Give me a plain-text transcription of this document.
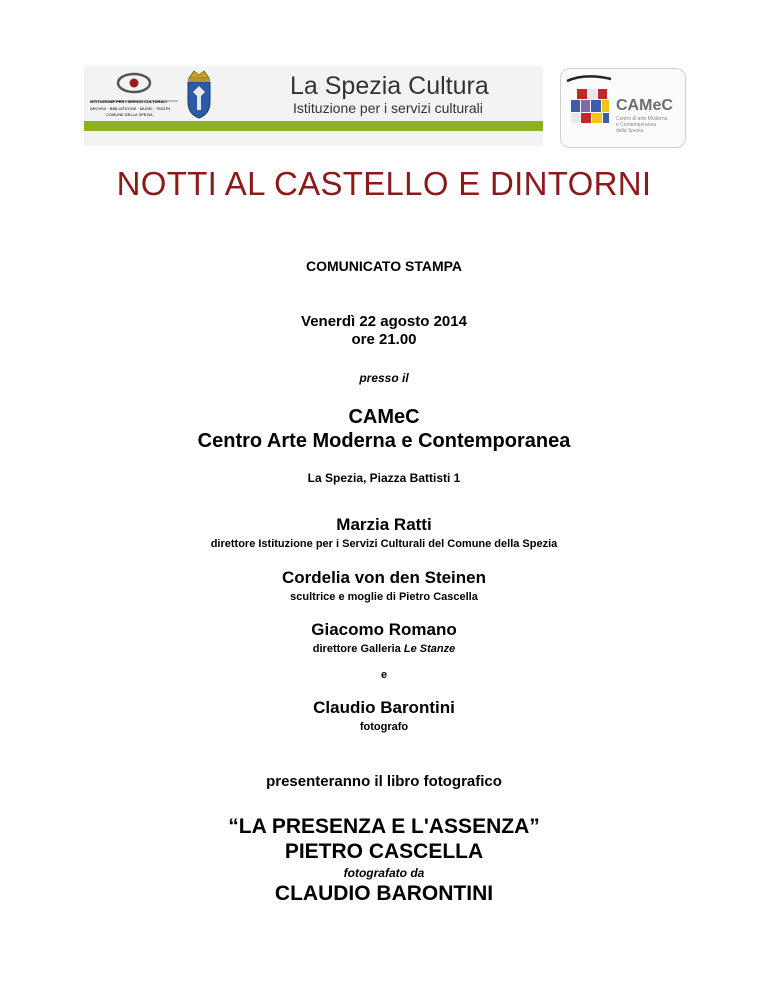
ISTITUZIONE PER I SERVIZI CULTURALI
ARCHIVI · BIBLIOTECHE · MUSEI · TEATRI
COMUNE DELLA SPEZIA
La Spezia Cultura
Istituzione per i servizi culturali	CAMeC
Centro di arte Moderna
e Contemporanea
della Spezia
NOTTI AL CASTELLO E DINTORNI
COMUNICATO STAMPA
Venerdì 22 agosto 2014
ore 21.00
presso il
CAMeC
Centro Arte Moderna e Contemporanea
La Spezia, Piazza Battisti 1
Marzia Ratti
direttore Istituzione per i Servizi Culturali del Comune della Spezia
Cordelia von den Steinen
scultrice e moglie di Pietro Cascella
Giacomo Romano
direttore Galleria Le Stanze
e
Claudio Barontini
fotografo
presenteranno il libro fotografico
“LA PRESENZA E L'ASSENZA”
PIETRO CASCELLA
fotografato da
CLAUDIO BARONTINI
